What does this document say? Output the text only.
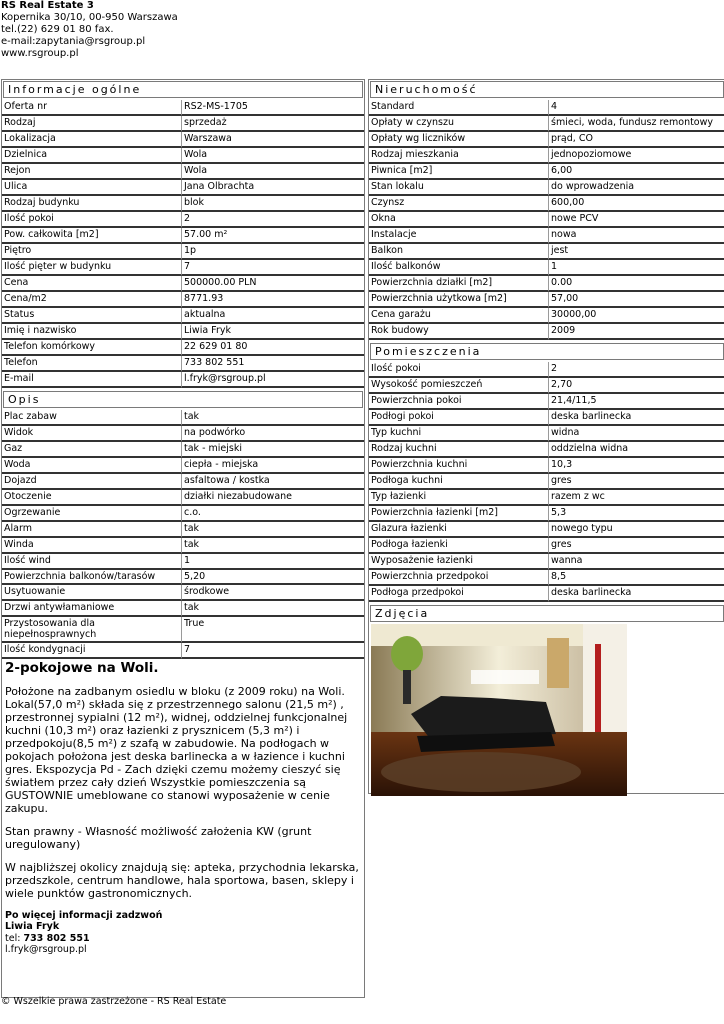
RS Real Estate 3
Kopernika 30/10, 00-950 Warszawa
tel.(22) 629 01 80 fax.
e-mail:zapytania@rsgroup.pl
www.rsgroup.pl
Informacje ogólne
Oferta nr	RS2-MS-1705
Rodzaj	sprzedaż
Lokalizacja	Warszawa
Dzielnica	Wola
Rejon	Wola
Ulica	Jana Olbrachta
Rodzaj budynku	blok
Ilość pokoi	2
Pow. całkowita [m2]	57.00 m²
Piętro	1p
Ilość pięter w budynku	7
Cena	500000.00 PLN
Cena/m2	8771.93
Status	aktualna
Imię i nazwisko	Liwia Fryk
Telefon komórkowy	22 629 01 80
Telefon	733 802 551
E-mail	l.fryk@rsgroup.pl
Opis
Plac zabaw	tak
Widok	na podwórko
Gaz	tak - miejski
Woda	ciepła - miejska
Dojazd	asfaltowa / kostka
Otoczenie	działki niezabudowane
Ogrzewanie	c.o.
Alarm	tak
Winda	tak
Ilość wind	1
Powierzchnia balkonów/tarasów	5,20
Usytuowanie	środkowe
Drzwi antywłamaniowe	tak
Przystosowania dla niepełnosprawnych	True
Ilość kondygnacji	7
2-pokojowe na Woli.

Położone na zadbanym osiedlu w bloku (z 2009 roku) na Woli. Lokal(57,0 m²) składa się z przestrzennego salonu (21,5 m²) , przestronnej sypialni (12 m²), widnej, oddzielnej funkcjonalnej kuchni (10,3 m²) oraz łazienki z prysznicem (5,3 m²) i przedpokoju(8,5 m²) z szafą w zabudowie. Na podłogach w pokojach położona jest deska barlinecka a w łazience i kuchni gres. Ekspozycja Pd - Zach dzięki czemu możemy cieszyć się światłem przez cały dzień Wszystkie pomieszczenia są GUSTOWNIE umeblowane co stanowi wyposażenie w cenie zakupu.

Stan prawny - Własność możliwość założenia KW (grunt uregulowany)

W najbliższej okolicy znajdują się: apteka, przychodnia lekarska, przedszkole, centrum handlowe, hala sportowa, basen, sklepy i wiele punktów gastronomicznych.

Po więcej informacji zadzwoń
Liwia Fryk
tel: 733 802 551
l.fryk@rsgroup.pl
Nieruchomość
Standard	4
Opłaty w czynszu	śmieci, woda, fundusz remontowy
Opłaty wg liczników	prąd, CO
Rodzaj mieszkania	jednopoziomowe
Piwnica [m2]	6,00
Stan lokalu	do wprowadzenia
Czynsz	600,00
Okna	nowe PCV
Instalacje	nowa
Balkon	jest
Ilość balkonów	1
Powierzchnia działki [m2]	0.00
Powierzchnia użytkowa [m2]	57,00
Cena garażu	30000,00
Rok budowy	2009
Pomieszczenia
Ilość pokoi	2
Wysokość pomieszczeń	2,70
Powierzchnia pokoi	21,4/11,5
Podłogi pokoi	deska barlinecka
Typ kuchni	widna
Rodzaj kuchni	oddzielna widna
Powierzchnia kuchni	10,3
Podłoga kuchni	gres
Typ łazienki	razem z wc
Powierzchnia łazienki [m2]	5,3
Glazura łazienki	nowego typu
Podłoga łazienki	gres
Wyposażenie łazienki	wanna
Powierzchnia przedpokoi	8,5
Podłoga przedpokoi	deska barlinecka
Zdjęcia
© Wszelkie prawa zastrzeżone - RS Real Estate
